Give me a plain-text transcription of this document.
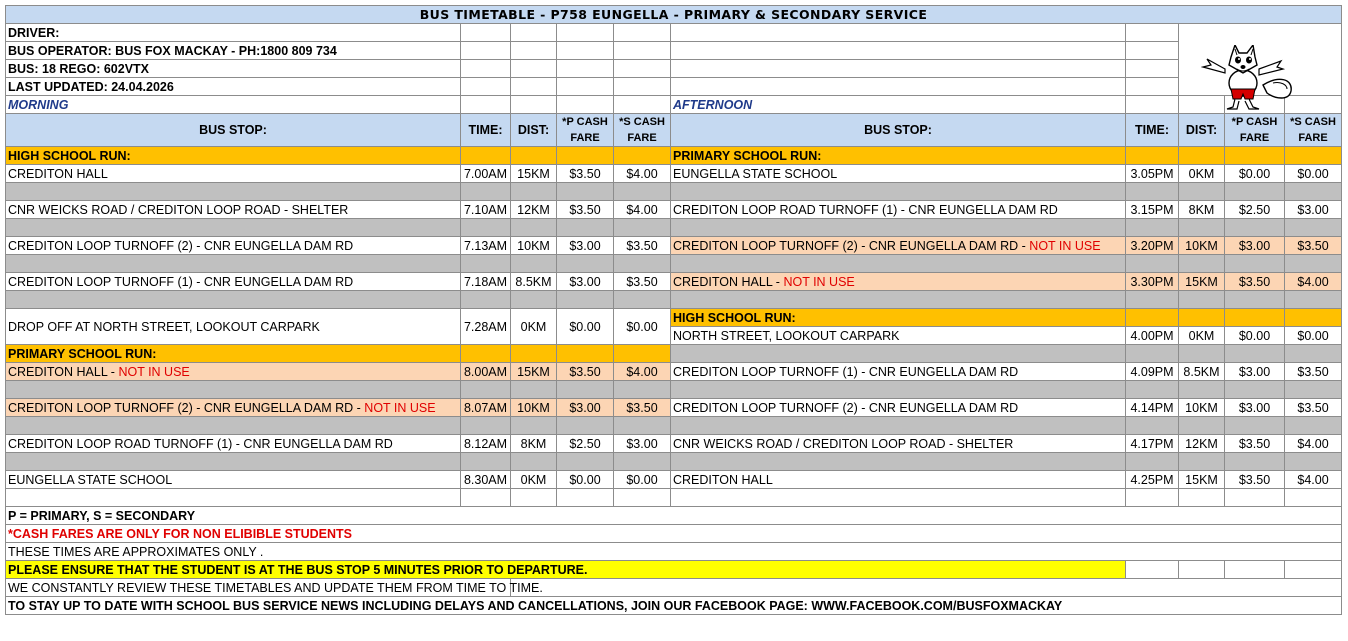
BUS TIMETABLE - P758 EUNGELLA - PRIMARY & SECONDARY SERVICE									
DRIVER:									
BUS OPERATOR: BUS FOX MACKAY - PH:1800 809 734									
BUS: 18 REGO: 602VTX									
LAST UPDATED: 24.04.2026									
MORNING					AFTERNOON				
BUS STOP:	TIME:	DIST:	*P CASH FARE	*S CASH FARE	BUS STOP:	TIME:	DIST:	*P CASH FARE	*S CASH FARE
HIGH SCHOOL RUN:					PRIMARY SCHOOL RUN:				
CREDITON HALL	7.00AM	15KM	$3.50	$4.00	EUNGELLA STATE SCHOOL	3.05PM	0KM	$0.00	$0.00

CNR WEICKS ROAD / CREDITON LOOP ROAD - SHELTER	7.10AM	12KM	$3.50	$4.00	CREDITON LOOP ROAD TURNOFF (1) - CNR EUNGELLA DAM RD	3.15PM	8KM	$2.50	$3.00

CREDITON LOOP TURNOFF (2) - CNR EUNGELLA DAM RD	7.13AM	10KM	$3.00	$3.50	CREDITON LOOP TURNOFF (2) - CNR EUNGELLA DAM RD - NOT IN USE	3.20PM	10KM	$3.00	$3.50

CREDITON LOOP TURNOFF (1) - CNR EUNGELLA DAM RD	7.18AM	8.5KM	$3.00	$3.50	CREDITON HALL - NOT IN USE	3.30PM	15KM	$3.50	$4.00

DROP OFF AT NORTH STREET, LOOKOUT CARPARK	7.28AM	0KM	$0.00	$0.00	HIGH SCHOOL RUN:				
					NORTH STREET, LOOKOUT CARPARK	4.00PM	0KM	$0.00	$0.00
PRIMARY SCHOOL RUN:									
CREDITON HALL - NOT IN USE	8.00AM	15KM	$3.50	$4.00	CREDITON LOOP TURNOFF (1) - CNR EUNGELLA DAM RD	4.09PM	8.5KM	$3.00	$3.50

CREDITON LOOP TURNOFF (2) - CNR EUNGELLA DAM RD - NOT IN USE	8.07AM	10KM	$3.00	$3.50	CREDITON LOOP TURNOFF (2) - CNR EUNGELLA DAM RD	4.14PM	10KM	$3.00	$3.50

CREDITON LOOP ROAD TURNOFF (1) - CNR EUNGELLA DAM RD	8.12AM	8KM	$2.50	$3.00	CNR WEICKS ROAD / CREDITON LOOP ROAD - SHELTER	4.17PM	12KM	$3.50	$4.00

EUNGELLA STATE SCHOOL	8.30AM	0KM	$0.00	$0.00	CREDITON HALL	4.25PM	15KM	$3.50	$4.00

P = PRIMARY, S = SECONDARY									
*CASH FARES ARE ONLY FOR NON ELIBIBLE STUDENTS									
THESE TIMES ARE APPROXIMATES ONLY .									
PLEASE ENSURE THAT THE STUDENT IS AT THE BUS STOP 5 MINUTES PRIOR TO DEPARTURE.									
WE CONSTANTLY REVIEW THESE TIMETABLES AND UPDATE THEM FROM TIME TO TIME.									
TO STAY UP TO DATE WITH SCHOOL BUS SERVICE NEWS INCLUDING DELAYS AND CANCELLATIONS, JOIN OUR FACEBOOK PAGE: WWW.FACEBOOK.COM/BUSFOXMACKAY									
